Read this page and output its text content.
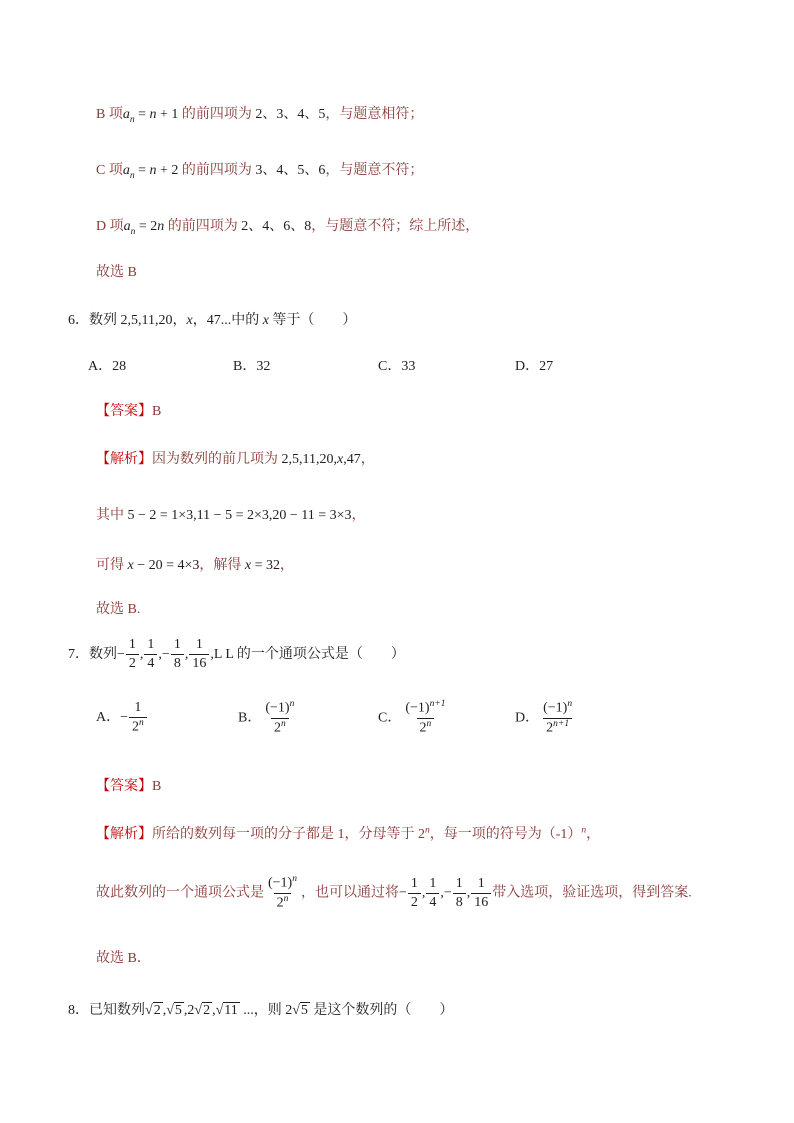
B 项$a_n = n + 1$ 的前四项为 2、3、4、5，与题意相符；
C 项$a_n = n + 2$ 的前四项为 3、4、5、6，与题意不符；
D 项$a_n = 2n$ 的前四项为 2、4、6、8，与题意不符；综上所述，
故选 B
6．数列 2,5,11,20，x，47...中的 x 等于（　　）
A．28	B．32	C．33	D．27
【答案】B
【解析】因为数列的前几项为 2,5,11,20,x,47，
其中 5 − 2 = 1×3,11 − 5 = 2×3,20 − 11 = 3×3，
可得 x − 20 = 4×3，解得 x = 32，
故选 B.
7．数列− $\frac{1}{2}$ , $\frac{1}{4}$ ,− $\frac{1}{8}$ , $\frac{1}{16} ,L$ L 的一个通项公式是（　　）
A．− $\frac{1}{2^n}$	B． $\frac{(-1)^n}{2^n}$	C． $\frac{(-1)^{n+1}}{2^n}$	D． $\frac{(-1)^n}{2^{n+1}}$
【答案】B
【解析】所给的数列每一项的分子都是 1，分母等于 2$^n$，每一项的符号为$(-1)^n$，
故此数列的一个通项公式是 $\frac{(-1)^n}{2^n}$ ，也可以通过将− $\frac{1}{2}$ , $\frac{1}{4}$ ,− $\frac{1}{8}$ , $\frac{1}{16}$ 带入选项，验证选项，得到答案.
故选 B．
8．已知数列√2 ,√5 ,2√2 ,√11 ...，则 2√5 是这个数列的（　　）
